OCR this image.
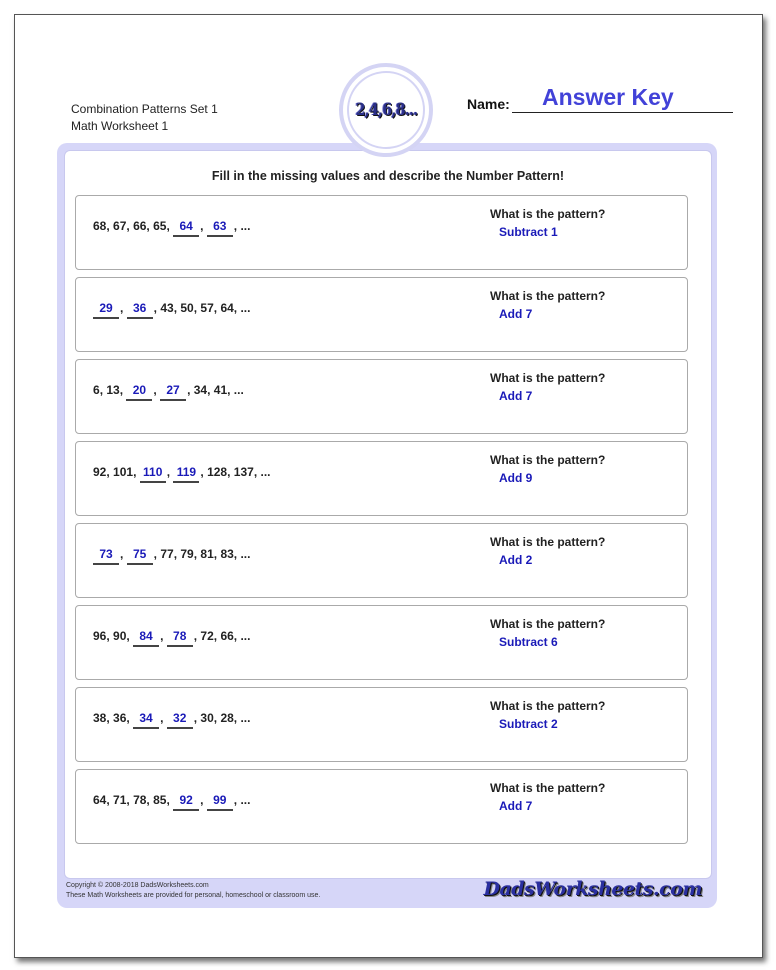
Combination Patterns Set 1
Math Worksheet 1
2,4,6,8...	Name: Answer Key
Fill in the missing values and describe the Number Pattern!
68, 67, 66, 65, 64 , 63 , ...
What is the pattern?
Subtract 1
29 , 36 , 43, 50, 57, 64, ...
What is the pattern?
Add 7
6, 13, 20 , 27 , 34, 41, ...
What is the pattern?
Add 7
92, 101, 110 , 119 , 128, 137, ...
What is the pattern?
Add 9
73 , 75 , 77, 79, 81, 83, ...
What is the pattern?
Add 2
96, 90, 84 , 78 , 72, 66, ...
What is the pattern?
Subtract 6
38, 36, 34 , 32 , 30, 28, ...
What is the pattern?
Subtract 2
64, 71, 78, 85, 92 , 99 , ...
What is the pattern?
Add 7
Copyright © 2008-2018 DadsWorksheets.com
These Math Worksheets are provided for personal, homeschool or classroom use.	DadsWorksheets.com
